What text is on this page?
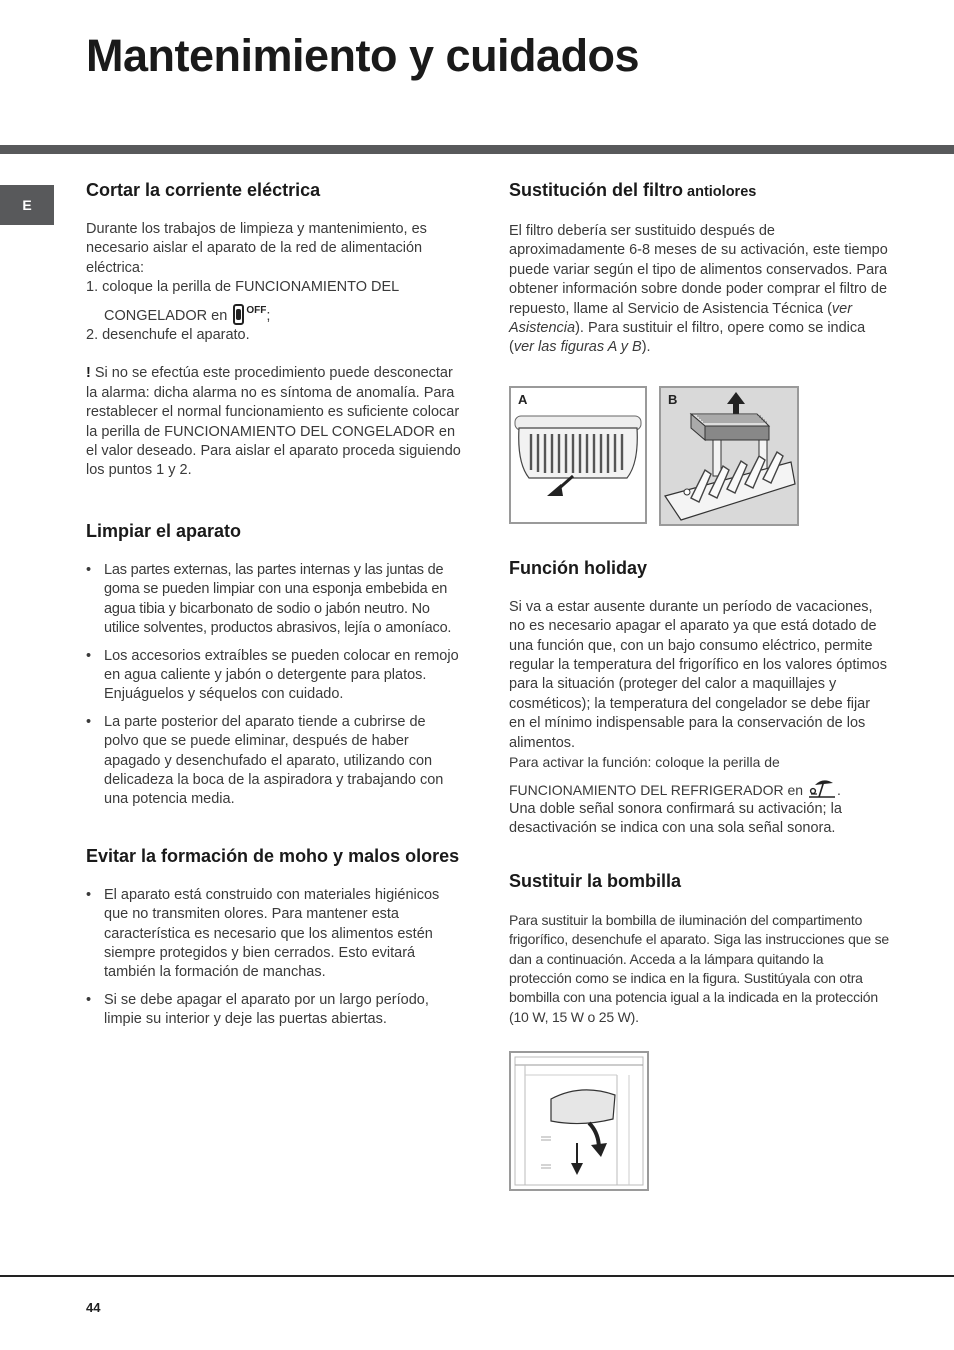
Mantenimiento y cuidados
E
Cortar la corriente eléctrica

Durante los trabajos de limpieza y mantenimiento, es necesario aislar el aparato de la red de alimentación eléctrica:

1. coloque la perilla de FUNCIONAMIENTO DEL
CONGELADOR en $^{OFF}$;
2. desenchufe el aparato.

! Si no se efectúa este procedimiento puede desconectar la alarma: dicha alarma no es síntoma de anomalía. Para restablecer el normal funcionamiento es suficiente colocar la perilla de FUNCIONAMIENTO DEL CONGELADOR en el valor deseado. Para aislar el aparato proceda siguiendo los puntos 1 y 2.

Limpiar el aparato
• Las partes externas, las partes internas y las juntas de goma se pueden limpiar con una esponja embebida en agua tibia y bicarbonato de sodio o jabón neutro. No utilice solventes, productos abrasivos, lejía o amoníaco.
• Los accesorios extraíbles se pueden colocar en remojo en agua caliente y jabón o detergente para platos. Enjuáguelos y séquelos con cuidado.
• La parte posterior del aparato tiende a cubrirse de polvo que se puede eliminar, después de haber apagado y desenchufado el aparato, utilizando con delicadeza la boca de la aspiradora y trabajando con una potencia media.
Evitar la formación de moho y malos olores
• El aparato está construido con materiales higiénicos que no transmiten olores. Para mantener esta característica es necesario que los alimentos estén siempre protegidos y bien cerrados. Esto evitará también la formación de manchas.
• Si se debe apagar el aparato por un largo período, limpie su interior y deje las puertas abiertas.
Sustitución del filtro antiolores

El filtro debería ser sustituido después de aproximadamente 6-8 meses de su activación, este tiempo puede variar según el tipo de alimentos conservados. Para obtener información sobre donde poder comprar el filtro de repuesto, llame al Servicio de Asistencia Técnica (ver Asistencia). Para sustituir el filtro, opere como se indica (ver las figuras A y B).

A	B
Función holiday

Si va a estar ausente durante un período de vacaciones, no es necesario apagar el aparato ya que está dotado de una función que, con un bajo consumo eléctrico, permite regular la temperatura del frigorífico en los valores óptimos para la situación (proteger del calor a maquillajes y cosméticos); la temperatura del congelador se debe fijar en el mínimo indispensable para la conservación de los alimentos.

Para activar la función: coloque la perilla de

FUNCIONAMIENTO DEL REFRIGERADOR en .

Una doble señal sonora confirmará su activación; la desactivación se indica con una sola señal sonora.

Sustituir la bombilla

Para sustituir la bombilla de iluminación del compartimento frigorífico, desenchufe el aparato. Siga las instrucciones que se dan a continuación. Acceda a la lámpara quitando la protección como se indica en la figura. Sustitúyala con otra bombilla con una potencia igual a la indicada en la protección (10 W, 15 W o 25 W).

44
